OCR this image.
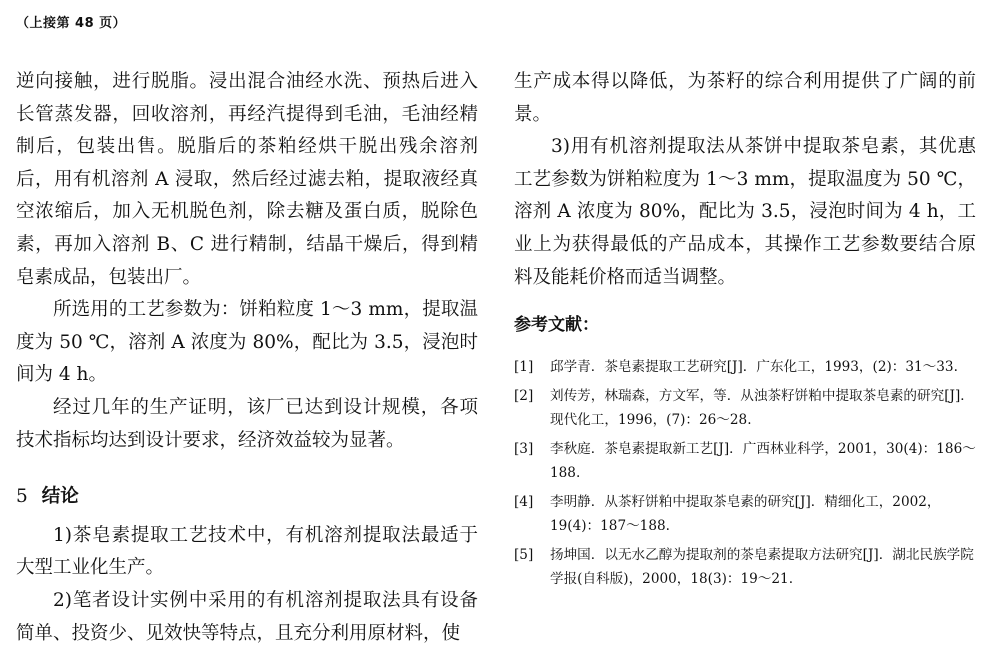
（上接第 48 页）

逆向接触，进行脱脂。浸出混合油经水洗、预热后进入长管蒸发器，回收溶剂，再经汽提得到毛油，毛油经精制后，包装出售。脱脂后的茶粕经烘干脱出残余溶剂后，用有机溶剂 A 浸取，然后经过滤去粕，提取液经真空浓缩后，加入无机脱色剂，除去糖及蛋白质，脱除色素，再加入溶剂 B、C 进行精制，结晶干燥后，得到精皂素成品，包装出厂。

所选用的工艺参数为：饼粕粒度 1～3 mm，提取温度为 50 ℃，溶剂 A 浓度为 80%，配比为 3.5，浸泡时间为 4 h。

经过几年的生产证明，该厂已达到设计规模，各项技术指标均达到设计要求，经济效益较为显著。

5 结论

1)茶皂素提取工艺技术中，有机溶剂提取法最适于大型工业化生产。

2)笔者设计实例中采用的有机溶剂提取法具有设备简单、投资少、见效快等特点，且充分利用原材料，使

生产成本得以降低，为茶籽的综合利用提供了广阔的前景。

3)用有机溶剂提取法从茶饼中提取茶皂素，其优惠工艺参数为饼粕粒度为 1～3 mm，提取温度为 50 ℃，溶剂 A 浓度为 80%，配比为 3.5，浸泡时间为 4 h，工业上为获得最低的产品成本，其操作工艺参数要结合原料及能耗价格而适当调整。

参考文献：
[1]	邱学青．茶皂素提取工艺研究[J]．广东化工，1993，(2)：31～33.
[2]	刘传芳，林瑞森，方文军，等．从浊茶籽饼粕中提取茶皂素的研究[J]．现代化工，1996，(7)：26～28.
[3]	李秋庭．茶皂素提取新工艺[J]．广西林业科学，2001，30(4)：186～188.
[4]	李明静．从茶籽饼粕中提取茶皂素的研究[J]．精细化工，2002，19(4)：187～188.
[5]	扬坤国．以无水乙醇为提取剂的茶皂素提取方法研究[J]．湖北民族学院学报(自科版)，2000，18(3)：19～21.
